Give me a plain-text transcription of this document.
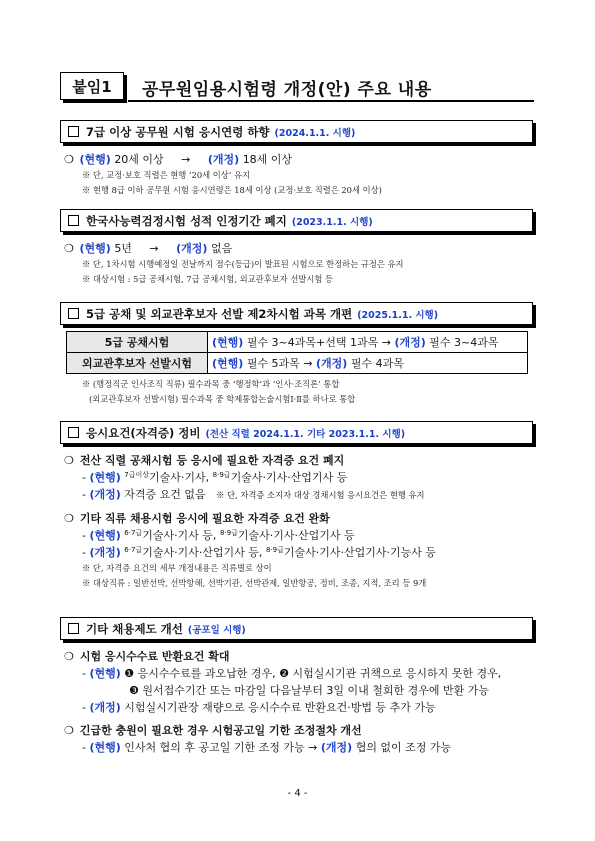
붙임1	공무원임용시험령 개정(안) 주요 내용
7급 이상 공무원 시험 응시연령 하향 (2024.1.1. 시행)
❍ (현행) 20세 이상 → (개정) 18세 이상
※ 단, 교정·보호 직렬은 현행 ‘20세 이상’ 유지
※ 현행 8급 이하 공무원 시험 응시연령은 18세 이상 (교정·보호 직렬은 20세 이상)
한국사능력검정시험 성적 인정기간 폐지 (2023.1.1. 시행)
❍ (현행) 5년 → (개정) 없음
※ 단, 1차시험 시행예정일 전날까지 점수(등급)이 발표된 시험으로 한정하는 규정은 유지
※ 대상시험 : 5급 공채시험, 7급 공채시험, 외교관후보자 선발시험 등
5급 공채 및 외교관후보자 선발 제2차시험 과목 개편 (2025.1.1. 시행)
5급 공채시험	(현행) 필수 3~4과목+선택 1과목 → (개정) 필수 3~4과목
외교관후보자 선발시험	(현행) 필수 5과목 → (개정) 필수 4과목
※ (행정직군 인사조직 직류) 필수과목 중 ‘행정학’과 ‘인사·조직론’ 통합
(외교관후보자 선발시험) 필수과목 중 학제통합논술시험Ⅰ·Ⅱ를 하나로 통합
응시요건(자격증) 정비 (전산 직렬 2024.1.1. 기타 2023.1.1. 시행)
❍ 전산 직렬 공채시험 등 응시에 필요한 자격증 요건 폐지
- (현행) $^{7급이상}$기술사·기사, $^{8\cdot 9급}$기술사·기사·산업기사 등
- (개정) 자격증 요건 없음 ※ 단, 자격증 소지자 대상 경채시험 응시요건은 현행 유지
❍ 기타 직류 채용시험 응시에 필요한 자격증 요건 완화
- (현행) $^{6\cdot 7급}$기술사·기사 등, $^{8\cdot 9급}$기술사·기사·산업기사 등
- (개정) $^{6\cdot 7급}$기술사·기사·산업기사 등, $^{8\cdot 9급}$기술사·기사·산업기사·기능사 등
※ 단, 자격증 요건의 세부 개정내용은 직류별로 상이
※ 대상직류 : 일반선박, 선박항해, 선박기관, 선박관제, 일반항공, 정비, 조종, 지적, 조리 등 9개
기타 채용제도 개선 (공포일 시행)
❍ 시험 응시수수료 반환요건 확대
- (현행) ❶ 응시수수료를 과오납한 경우, ❷ 시험실시기관 귀책으로 응시하지 못한 경우,
❸ 원서접수기간 또는 마감일 다음날부터 3일 이내 철회한 경우에 반환 가능
- (개정) 시험실시기관장 재량으로 응시수수료 반환요건·방법 등 추가 가능
❍ 긴급한 충원이 필요한 경우 시험공고일 기한 조정절차 개선
- (현행) 인사처 협의 후 공고일 기한 조정 가능 → (개정) 협의 없이 조정 가능
- 4 -
